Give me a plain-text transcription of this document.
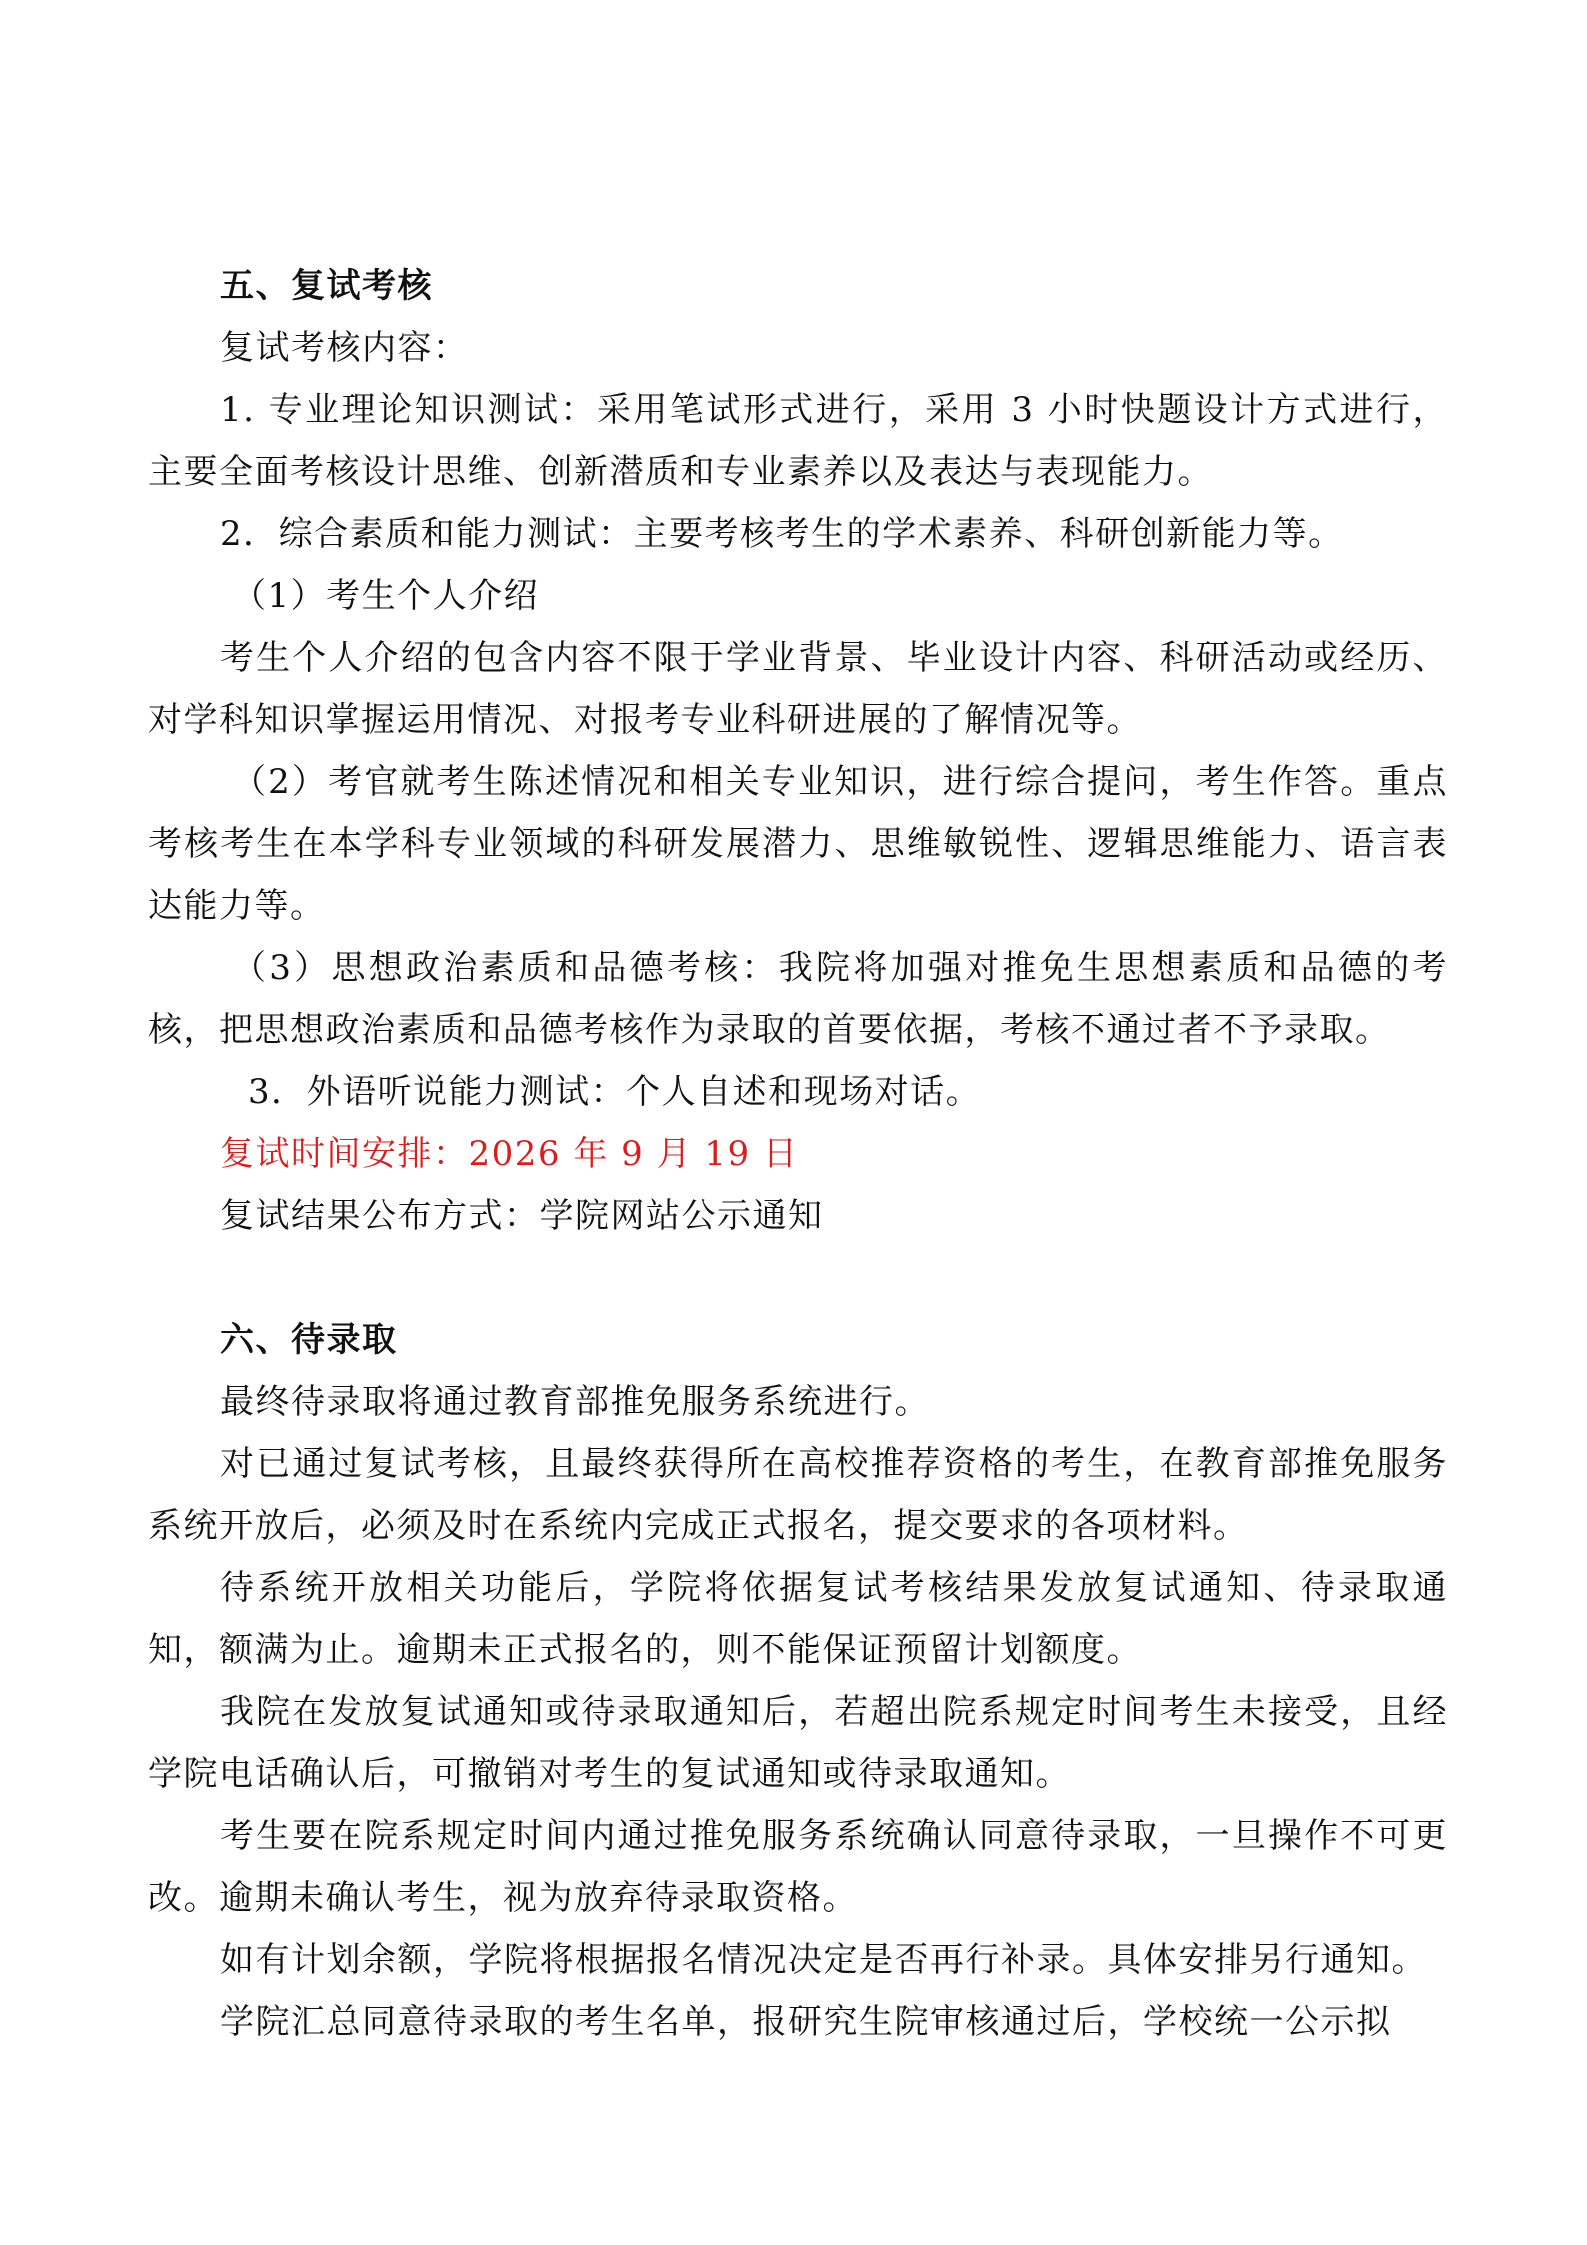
五、复试考核

复试考核内容：

1. 专业理论知识测试：采用笔试形式进行，采用 3 小时快题设计方式进行，主要全面考核设计思维、创新潜质和专业素养以及表达与表现能力。

2．综合素质和能力测试：主要考核考生的学术素养、科研创新能力等。

（1）考生个人介绍

考生个人介绍的包含内容不限于学业背景、毕业设计内容、科研活动或经历、对学科知识掌握运用情况、对报考专业科研进展的了解情况等。

（2）考官就考生陈述情况和相关专业知识，进行综合提问，考生作答。重点考核考生在本学科专业领域的科研发展潜力、思维敏锐性、逻辑思维能力、语言表达能力等。

（3）思想政治素质和品德考核：我院将加强对推免生思想素质和品德的考核，把思想政治素质和品德考核作为录取的首要依据，考核不通过者不予录取。

3．外语听说能力测试：个人自述和现场对话。

复试时间安排：2026 年 9 月 19 日

复试结果公布方式：学院网站公示通知

六、待录取

最终待录取将通过教育部推免服务系统进行。

对已通过复试考核，且最终获得所在高校推荐资格的考生，在教育部推免服务系统开放后，必须及时在系统内完成正式报名，提交要求的各项材料。

待系统开放相关功能后，学院将依据复试考核结果发放复试通知、待录取通知，额满为止。逾期未正式报名的，则不能保证预留计划额度。

我院在发放复试通知或待录取通知后，若超出院系规定时间考生未接受，且经学院电话确认后，可撤销对考生的复试通知或待录取通知。

考生要在院系规定时间内通过推免服务系统确认同意待录取，一旦操作不可更改。逾期未确认考生，视为放弃待录取资格。

如有计划余额，学院将根据报名情况决定是否再行补录。具体安排另行通知。

学院汇总同意待录取的考生名单，报研究生院审核通过后，学校统一公示拟
